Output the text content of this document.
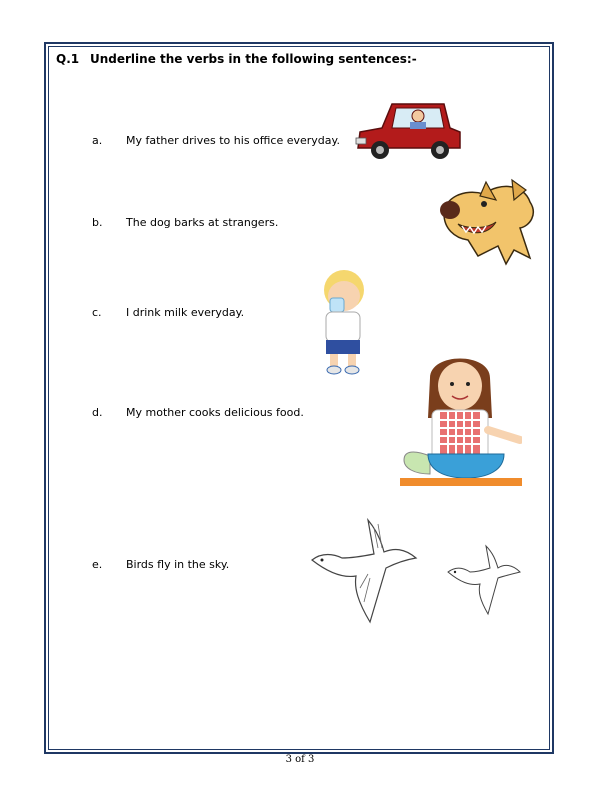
Q.1 Underline the verbs in the following sentences:-
a. My father drives to his office everyday.
b. The dog barks at strangers.
c. I drink milk everyday.
d. My mother cooks delicious food.
e. Birds fly in the sky.
3 of 3
